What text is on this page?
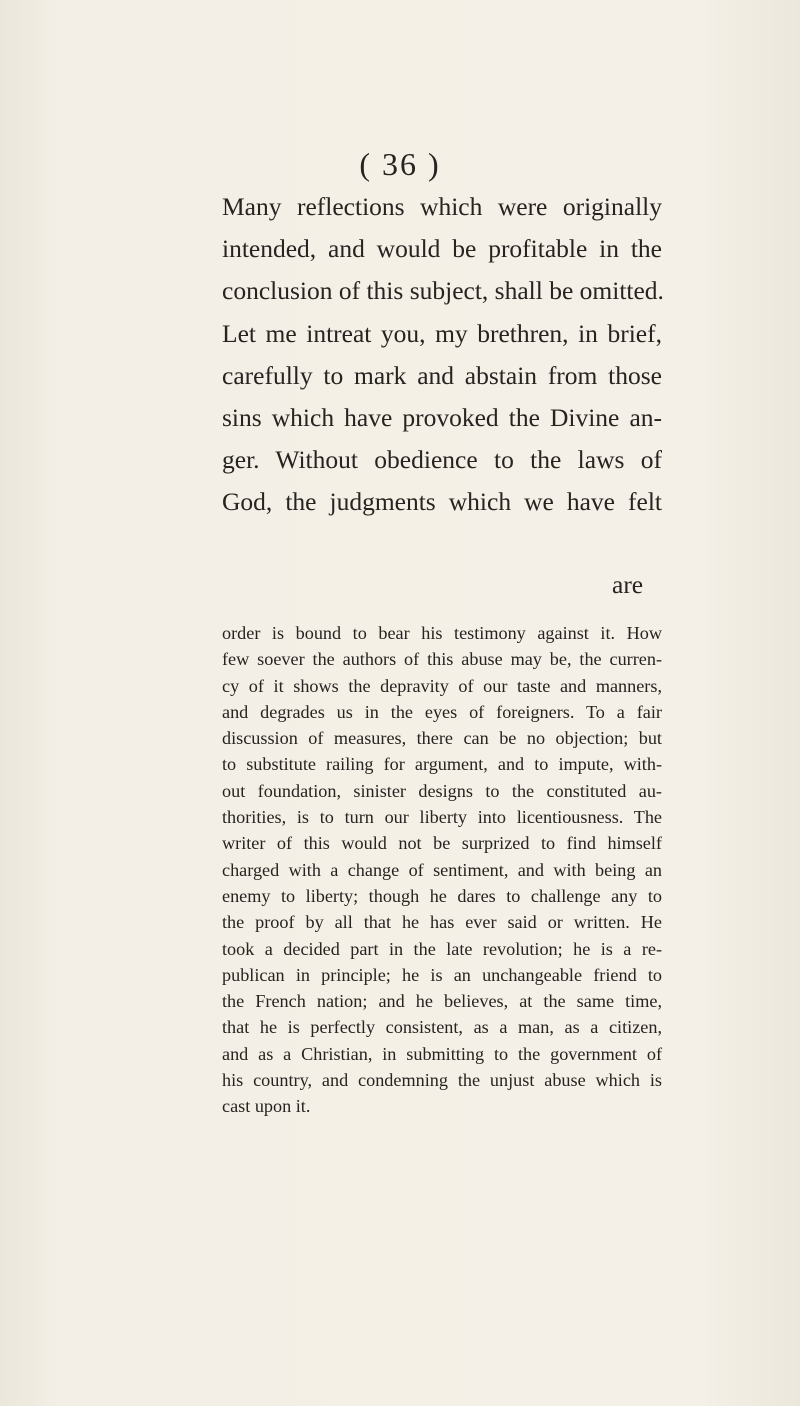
( 36 )
Many reflections which were originally
intended, and would be profitable in the
conclusion of this subject, shall be omitted.
Let me intreat you, my brethren, in brief,
carefully to mark and abstain from those
sins which have provoked the Divine an-
ger. Without obedience to the laws of
God, the judgments which we have felt
are
order is bound to bear his testimony against it. How
few soever the authors of this abuse may be, the curren-
cy of it shows the depravity of our taste and manners,
and degrades us in the eyes of foreigners. To a fair
discussion of measures, there can be no objection; but
to substitute railing for argument, and to impute, with-
out foundation, sinister designs to the constituted au-
thorities, is to turn our liberty into licentiousness. The
writer of this would not be surprized to find himself
charged with a change of sentiment, and with being an
enemy to liberty; though he dares to challenge any to
the proof by all that he has ever said or written. He
took a decided part in the late revolution; he is a re-
publican in principle; he is an unchangeable friend to
the French nation; and he believes, at the same time,
that he is perfectly consistent, as a man, as a citizen,
and as a Christian, in submitting to the government of
his country, and condemning the unjust abuse which is
cast upon it.
